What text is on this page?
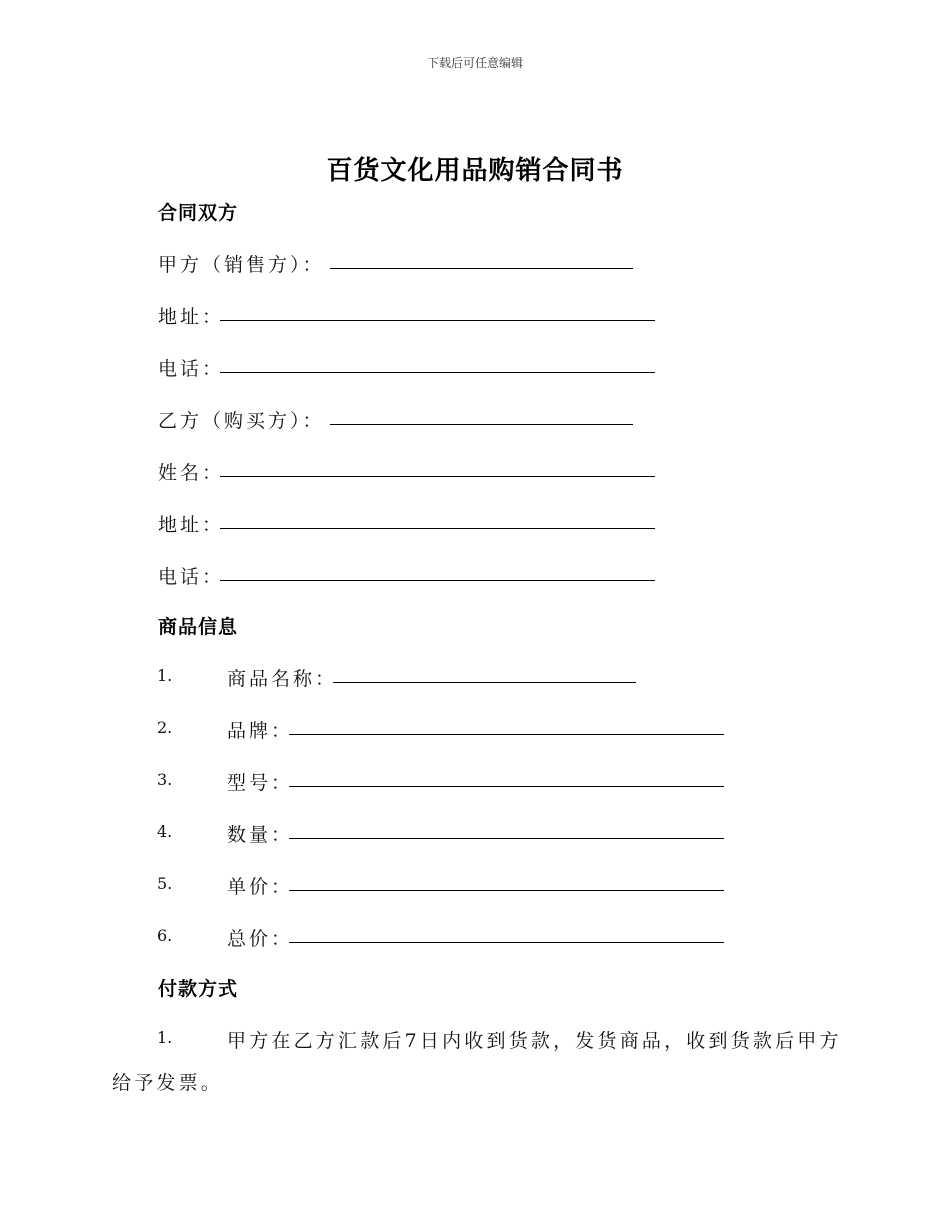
下载后可任意编辑
百货文化用品购销合同书
合同双方
甲方（销售方）：
地址：
电话：
乙方（购买方）：
姓名：
地址：
电话：
商品信息
1.	商品名称：
2.	品牌：
3.	型号：
4.	数量：
5.	单价：
6.	总价：
付款方式
1.	甲方在乙方汇款后7日内收到货款，发货商品，收到货款后甲方
给予发票。
